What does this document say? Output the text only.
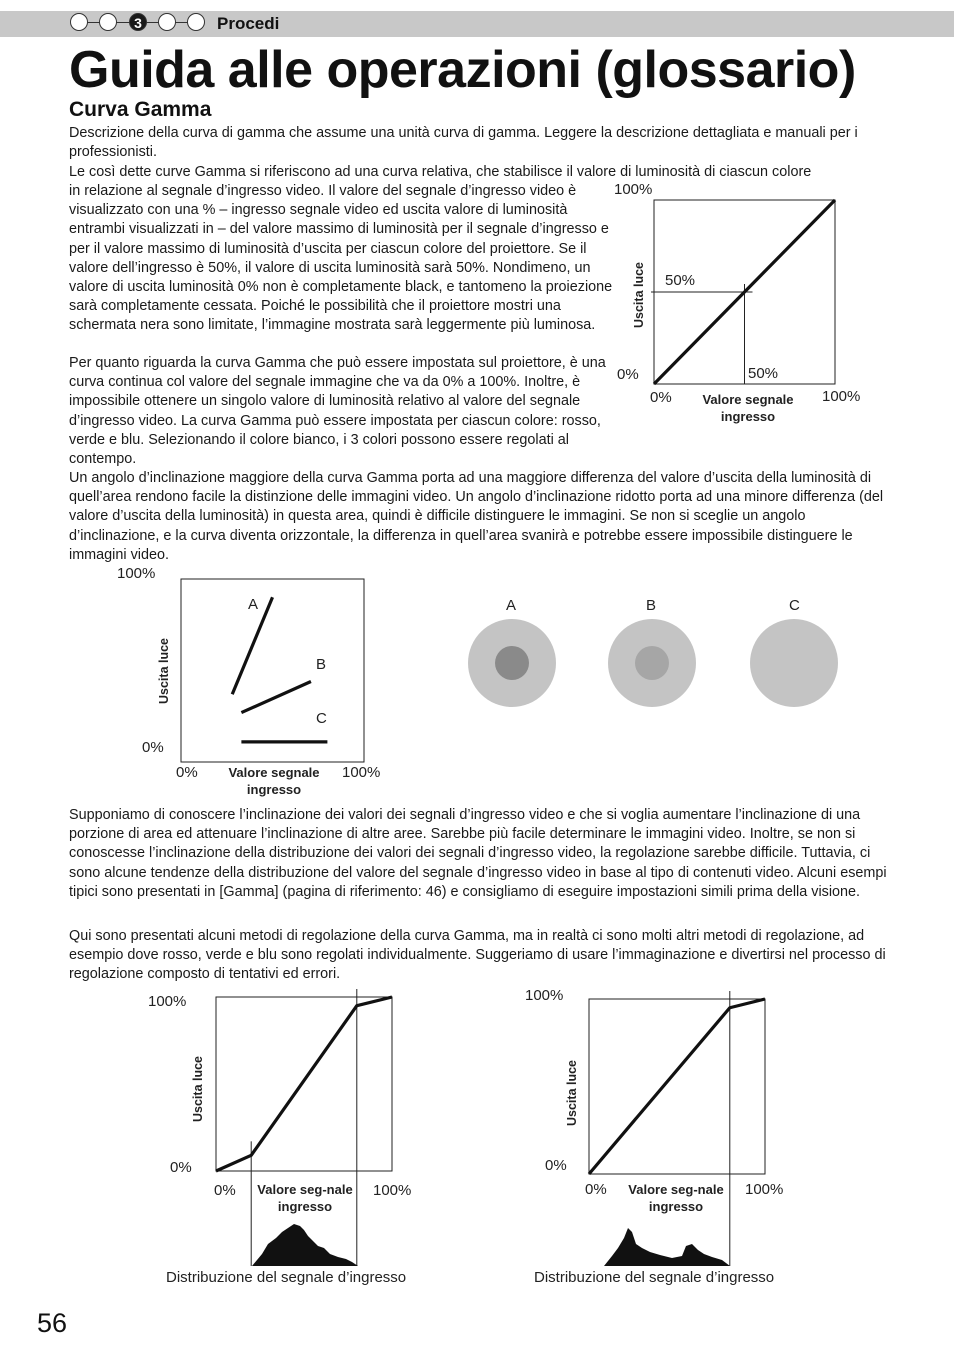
3	Procedi
Guida alle operazioni (glossario)
Curva Gamma

Descrizione della curva di gamma che assume una unità curva di gamma. Leggere la descrizione dettagliata e manuali per i professionisti.

Le così dette curve Gamma si riferiscono ad una curva relativa, che stabilisce il valore di luminosità di ciascun colore

in relazione al segnale d’ingresso video. Il valore del segnale d’ingresso video è visualizzato con una % – ingresso segnale video ed uscita valore di luminosità entrambi visualizzati in – del valore massimo di luminosità per il segnale d’ingresso e per il valore massimo di luminosità d’uscita per ciascun colore del proiettore. Se il valore dell’ingresso è 50%, il valore di uscita luminosità sarà 50%. Nondimeno, un valore di uscita luminosità 0% non è completamente black, e tantomeno la proiezione sarà completamente cessata. Poiché le possibilità che il proiettore mostri una schermata nera sono limitate, l’immagine mostrata sarà leggermente più luminosa.

Per quanto riguarda la curva Gamma che può essere impostata sul proiettore, è una curva continua col valore del segnale immagine che va da 0% a 100%. Inoltre, è impossibile ottenere un singolo valore di luminosità relativo al valore del segnale d’ingresso video. La curva Gamma può essere impostata per ciascun colore: rosso, verde e blu. Selezionando il colore bianco, i 3 colori possono essere regolati al contempo.

Un angolo d’inclinazione maggiore della curva Gamma porta ad una maggiore differenza del valore d’uscita della luminosità di quell’area rendono facile la distinzione delle immagini video. Un angolo d’inclinazione ridotto porta ad una minore differenza (del valore d’uscita della luminosità) in questa area, quindi è difficile distinguere le immagini. Se non si sceglie un angolo d’inclinazione, e la curva diventa orizzontale, la differenza in quell’area svanirà e potrebbe essere impossibile distinguere le immagini video.

100%
50%
0%	50%
0%	100%
Uscita luce
Valore segnale ingresso
100%
0%
0%	100%
Uscita luce
Valore segnale ingresso
A
B
C
A	B	C

Supponiamo di conoscere l’inclinazione dei valori dei segnali d’ingresso video e che si voglia aumentare l’inclinazione di una porzione di area ed attenuare l’inclinazione di altre aree. Sarebbe più facile determinare le immagini video. Inoltre, se non si conoscesse l’inclinazione della distribuzione dei valori dei segnali d’ingresso video, la regolazione sarebbe difficile. Tuttavia, ci sono alcune tendenze della distribuzione del valore del segnale d’ingresso video in base al tipo di contenuti video. Alcuni esempi tipici sono presentati in [Gamma] (pagina di riferimento: 46) e consigliamo di eseguire impostazioni simili prima della visione.

Qui sono presentati alcuni metodi di regolazione della curva Gamma, ma in realtà ci sono molti altri metodi di regolazione, ad esempio dove rosso, verde e blu sono regolati individualmente. Suggeriamo di usare l’immaginazione e divertirsi nel processo di regolazione composto di tentativi ed errori.

100%
0%
0%	100%
Uscita luce
Valore seg-nale ingresso
Distribuzione del segnale d’ingresso
100%
0%
0%	100%
Uscita luce
Valore seg-nale ingresso
Distribuzione del segnale d’ingresso
56
